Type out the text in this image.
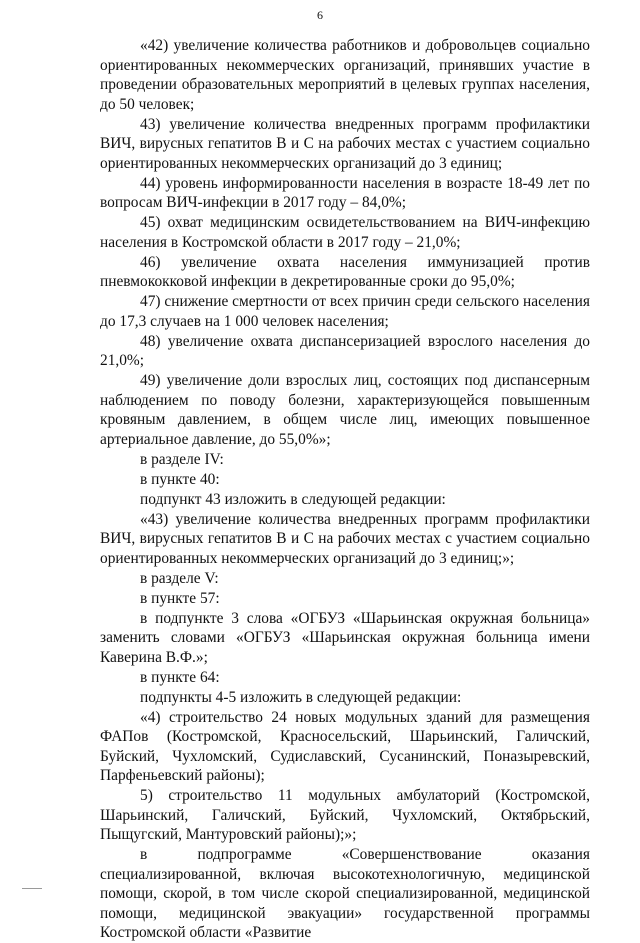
6

«42) увеличение количества работников и добровольцев социально ориентированных некоммерческих организаций, принявших участие в проведении образовательных мероприятий в целевых группах населения, до 50 человек;

43) увеличение количества внедренных программ профилактики ВИЧ, вирусных гепатитов В и С на рабочих местах с участием социально ориентированных некоммерческих организаций до 3 единиц;

44) уровень информированности населения в возрасте 18-49 лет по вопросам ВИЧ-инфекции в 2017 году – 84,0%;

45) охват медицинским освидетельствованием на ВИЧ-инфекцию населения в Костромской области в 2017 году – 21,0%;

46) увеличение охвата населения иммунизацией против пневмококковой инфекции в декретированные сроки до 95,0%;

47) снижение смертности от всех причин среди сельского населения до 17,3 случаев на 1 000 человек населения;

48) увеличение охвата диспансеризацией взрослого населения до 21,0%;

49) увеличение доли взрослых лиц, состоящих под диспансерным наблюдением по поводу болезни, характеризующейся повышенным кровяным давлением, в общем числе лиц, имеющих повышенное артериальное давление, до 55,0%»;

в разделе IV:

в пункте 40:

подпункт 43 изложить в следующей редакции:

«43) увеличение количества внедренных программ профилактики ВИЧ, вирусных гепатитов В и С на рабочих местах с участием социально ориентированных некоммерческих организаций до 3 единиц;»;

в разделе V:

в пункте 57:

в подпункте 3 слова «ОГБУЗ «Шарьинская окружная больница» заменить словами «ОГБУЗ «Шарьинская окружная больница имени Каверина В.Ф.»;

в пункте 64:

подпункты 4-5 изложить в следующей редакции:

«4) строительство 24 новых модульных зданий для размещения ФАПов (Костромской, Красносельский, Шарьинский, Галичский, Буйский, Чухломский, Судиславский, Сусанинский, Поназыревский, Парфеньевский районы);

5) строительство 11 модульных амбулаторий (Костромской, Шарьинский, Галичский, Буйский, Чухломский, Октябрьский, Пыщугский, Мантуровский районы);»;

в подпрограмме «Совершенствование оказания специализированной, включая высокотехнологичную, медицинской помощи, скорой, в том числе скорой специализированной, медицинской помощи, медицинской эвакуации» государственной программы Костромской области «Развитие
